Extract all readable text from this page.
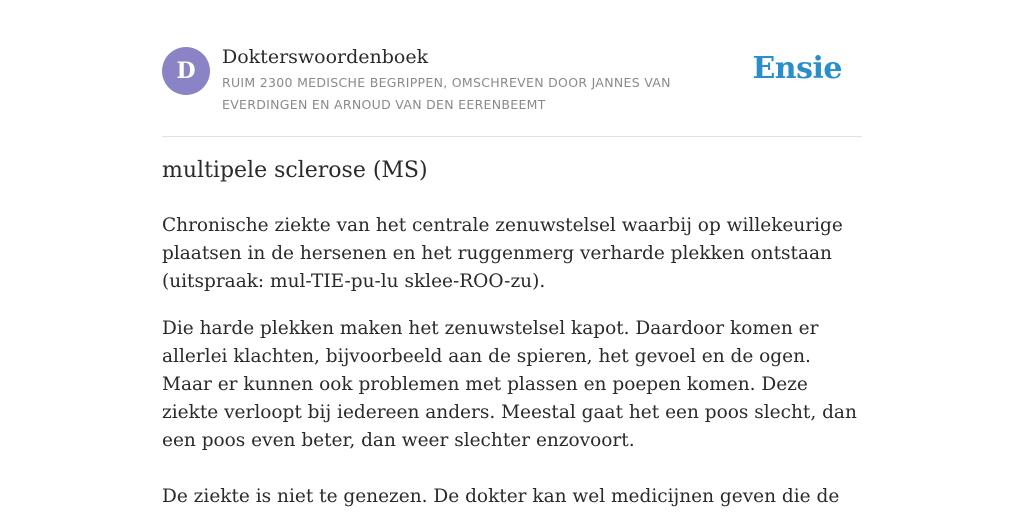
D
Dokterswoordenboek
RUIM 2300 MEDISCHE BEGRIPPEN, OMSCHREVEN DOOR JANNES VAN EVERDINGEN EN ARNOUD VAN DEN EERENBEEMT
Ensie
multipele sclerose (MS)

Chronische ziekte van het centrale zenuwstelsel waarbij op willekeurige plaatsen in de hersenen en het ruggenmerg verharde plekken ontstaan (uitspraak: mul-TIE-pu-lu sklee-ROO-zu).

Die harde plekken maken het zenuwstelsel kapot. Daardoor komen er allerlei klachten, bijvoorbeeld aan de spieren, het gevoel en de ogen. Maar er kunnen ook problemen met plassen en poepen komen. Deze ziekte verloopt bij iedereen anders. Meestal gaat het een poos slecht, dan een poos even beter, dan weer slechter enzovoort.

De ziekte is niet te genezen. De dokter kan wel medicijnen geven die de
